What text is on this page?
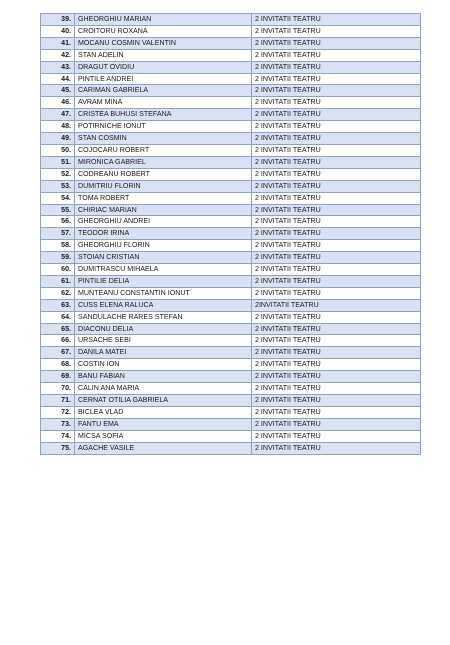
39.	GHEORGHIU MARIAN	2 INVITATII TEATRU
40.	CROITORU ROXANA	2 INVITATII TEATRU
41.	MOCANU COSMIN VALENTIN	2 INVITATII TEATRU
42.	STAN ADELIN	2 INVITATII TEATRU
43.	DRAGUT OVIDIU	2 INVITATII TEATRU
44.	PINTILE ANDREI	2 INVITATII TEATRU
45.	CARIMAN GABRIELA	2 INVITATII TEATRU
46.	AVRAM MINA	2 INVITATII TEATRU
47.	CRISTEA BUHUSI STEFANA	2 INVITATII TEATRU
48.	POTIRNICHE IONUT	2 INVITATII TEATRU
49.	STAN COSMIN	2 INVITATII TEATRU
50.	COJOCARU ROBERT	2 INVITATII TEATRU
51.	MIRONICA GABRIEL	2 INVITATII TEATRU
52.	CODREANU ROBERT	2 INVITATII TEATRU
53.	DUMITRIU FLORIN	2 INVITATII TEATRU
54.	TOMA ROBERT	2 INVITATII TEATRU
55.	CHIRIAC MARIAN	2 INVITATII TEATRU
56.	GHEORGHIU ANDREI	2 INVITATII TEATRU
57.	TEODOR IRINA	2 INVITATII TEATRU
58.	GHEORGHIU FLORIN	2 INVITATII TEATRU
59.	STOIAN CRISTIAN	2 INVITATII TEATRU
60.	DUMITRASCU MIHAELA	2 INVITATII TEATRU
61.	PINTILIE DELIA	2 INVITATII TEATRU
62.	MUNTEANU CONSTANTIN IONUT	2 INVITATII TEATRU
63.	CUSS ELENA RALUCA	2INVITATII TEATRU
64.	SANDULACHE RARES STEFAN	2 INVITATII TEATRU
65.	DIACONU DELIA	2 INVITATII TEATRU
66.	URSACHE SEBI	2 INVITATII TEATRU
67.	DANILA MATEI	2 INVITATII TEATRU
68.	COSTIN ION	2 INVITATII TEATRU
69.	BANU FABIAN	2 INVITATII TEATRU
70.	CALIN ANA MARIA	2 INVITATII TEATRU
71.	CERNAT OTILIA GABRIELA	2 INVITATII TEATRU
72.	BICLEA VLAD	2 INVITATII TEATRU
73.	FANTU EMA	2 INVITATII TEATRU
74.	MICSA SOFIA	2 INVITATII TEATRU
75.	AGACHE VASILE	2 INVITATII TEATRU
